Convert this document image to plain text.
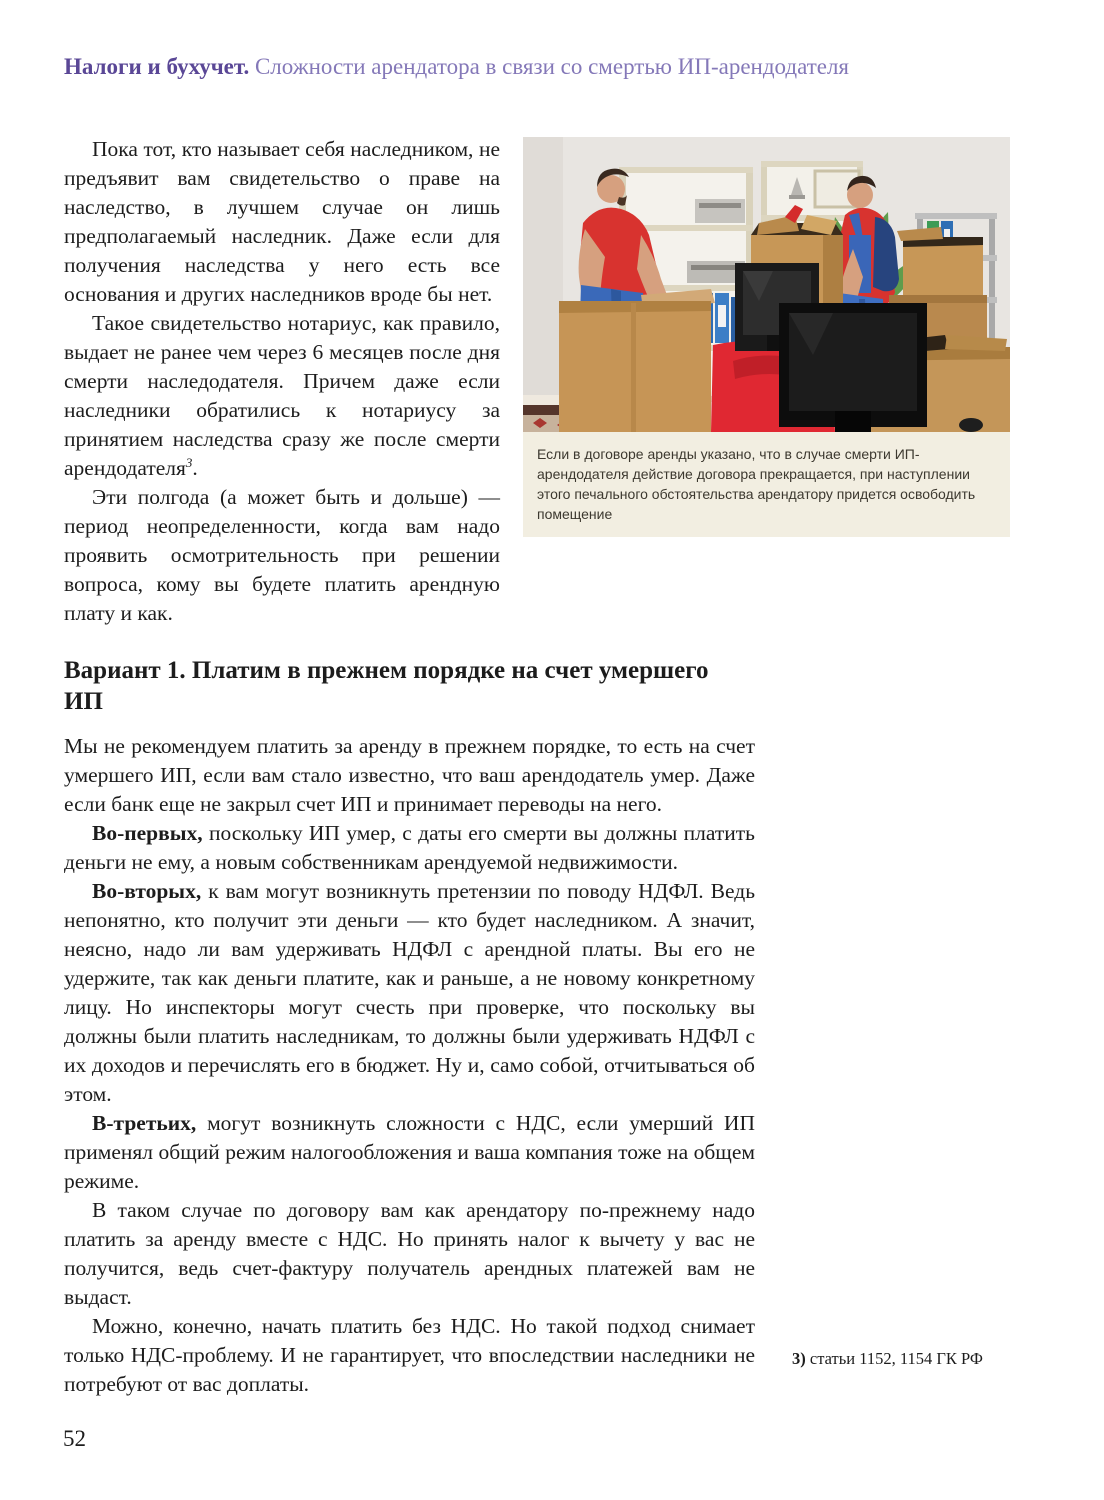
Налоги и бухучет. Сложности арендатора в связи со смертью ИП-арендодателя
Если в договоре аренды указано, что в случае смерти ИП-арендодателя действие договора прекращается, при наступлении этого печального обстоятельства арендатору придется освободить помещение

Пока тот, кто называет себя наследником, не предъявит вам свидетельство о праве на наследство, в лучшем случае он лишь предполагаемый наследник. Даже если для получения наследства у него есть все основания и других наследников вроде бы нет.

Такое свидетельство нотариус, как правило, выдает не ранее чем через 6 месяцев после дня смерти наследодателя. Причем даже если наследники обратились к нотариусу за принятием наследства сразу же после смерти арендодателя$^3$.

Эти полгода (а может быть и дольше) — период неопределенности, когда вам надо проявить осмотрительность при решении вопроса, кому вы будете платить арендную плату и как.

Вариант 1. Платим в прежнем порядке на счет умершего ИП

Мы не рекомендуем платить за аренду в прежнем порядке, то есть на счет умершего ИП, если вам стало известно, что ваш арендодатель умер. Даже если банк еще не закрыл счет ИП и принимает переводы на него.

Во-первых, поскольку ИП умер, с даты его смерти вы должны платить деньги не ему, а новым собственникам арендуемой недвижимости.

Во-вторых, к вам могут возникнуть претензии по поводу НДФЛ. Ведь непонятно, кто получит эти деньги — кто будет наследником. А значит, неясно, надо ли вам удерживать НДФЛ с арендной платы. Вы его не удержите, так как деньги платите, как и раньше, а не новому конкретному лицу. Но инспекторы могут счесть при проверке, что поскольку вы должны были платить наследникам, то должны были удерживать НДФЛ с их доходов и перечислять его в бюджет. Ну и, само собой, отчитываться об этом.

В-третьих, могут возникнуть сложности с НДС, если умерший ИП применял общий режим налогообложения и ваша компания тоже на общем режиме.

В таком случае по договору вам как арендатору по-прежнему надо платить за аренду вместе с НДС. Но принять налог к вычету у вас не получится, ведь счет-фактуру получатель арендных платежей вам не выдаст.

Можно, конечно, начать платить без НДС. Но такой подход снимает только НДС-проблему. И не гарантирует, что впоследствии наследники не потребуют от вас доплаты.

3) статьи 1152, 1154 ГК РФ
52
